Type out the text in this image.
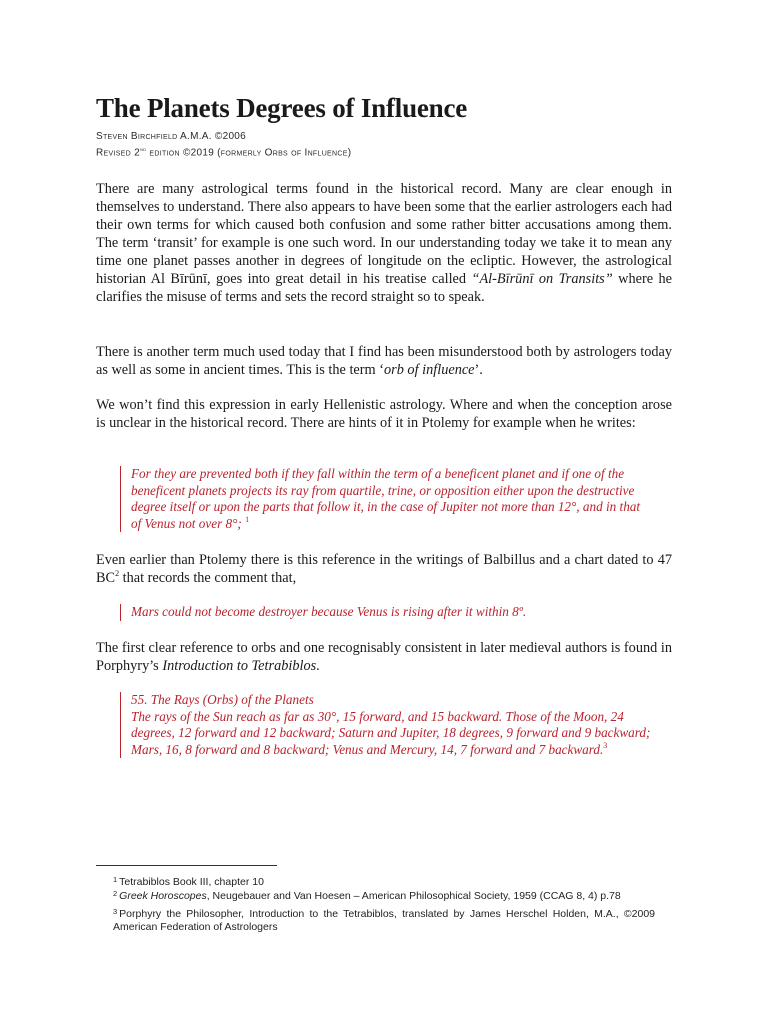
The Planets Degrees of Influence
Steven Birchfield A.M.A. ©2006
Revised 2nd edition ©2019 (formerly Orbs of Influence)

There are many astrological terms found in the historical record. Many are clear enough in themselves to understand. There also appears to have been some that the earlier astrologers each had their own terms for which caused both confusion and some rather bitter accusations among them. The term ‘transit’ for example is one such word. In our understanding today we take it to mean any time one planet passes another in degrees of longitude on the ecliptic. However, the astrological historian Al Bīrūnī, goes into great detail in his treatise called “Al-Bīrūnī on Transits” where he clarifies the misuse of terms and sets the record straight so to speak.

There is another term much used today that I find has been misunderstood both by astrologers today as well as some in ancient times. This is the term ‘orb of influence’.

We won’t find this expression in early Hellenistic astrology. Where and when the conception arose is unclear in the historical record. There are hints of it in Ptolemy for example when he writes:

For they are prevented both if they fall within the term of a beneficent planet and if one of the beneficent planets projects its ray from quartile, trine, or opposition either upon the destructive degree itself or upon the parts that follow it, in the case of Jupiter not more than 12°, and in that of Venus not over 8°; $^1$

Even earlier than Ptolemy there is this reference in the writings of Balbillus and a chart dated to 47 $BC^2$ that records the comment that,

Mars could not become destroyer because Venus is rising after it within 8º.

The first clear reference to orbs and one recognisably consistent in later medieval authors is found in Porphyry’s Introduction to Tetrabiblos.

55. The Rays (Orbs) of the Planets
The rays of the Sun reach as far as 30°, 15 forward, and 15 backward. Those of the Moon, 24 degrees, 12 forward and 12 backward; Saturn and Jupiter, 18 degrees, 9 forward and 9 backward; Mars, 16, 8 forward and 8 backward; Venus and Mercury, 14, 7 forward and 7 backward.$^3$
$^1$ Tetrabiblos Book III, chapter 10
$^2$ Greek Horoscopes, Neugebauer and Van Hoesen – American Philosophical Society, 1959 (CCAG 8, 4) p.78
$^3$ Porphyry the Philosopher, Introduction to the Tetrabiblos, translated by James Herschel Holden, M.A., ©2009 American Federation of Astrologers
